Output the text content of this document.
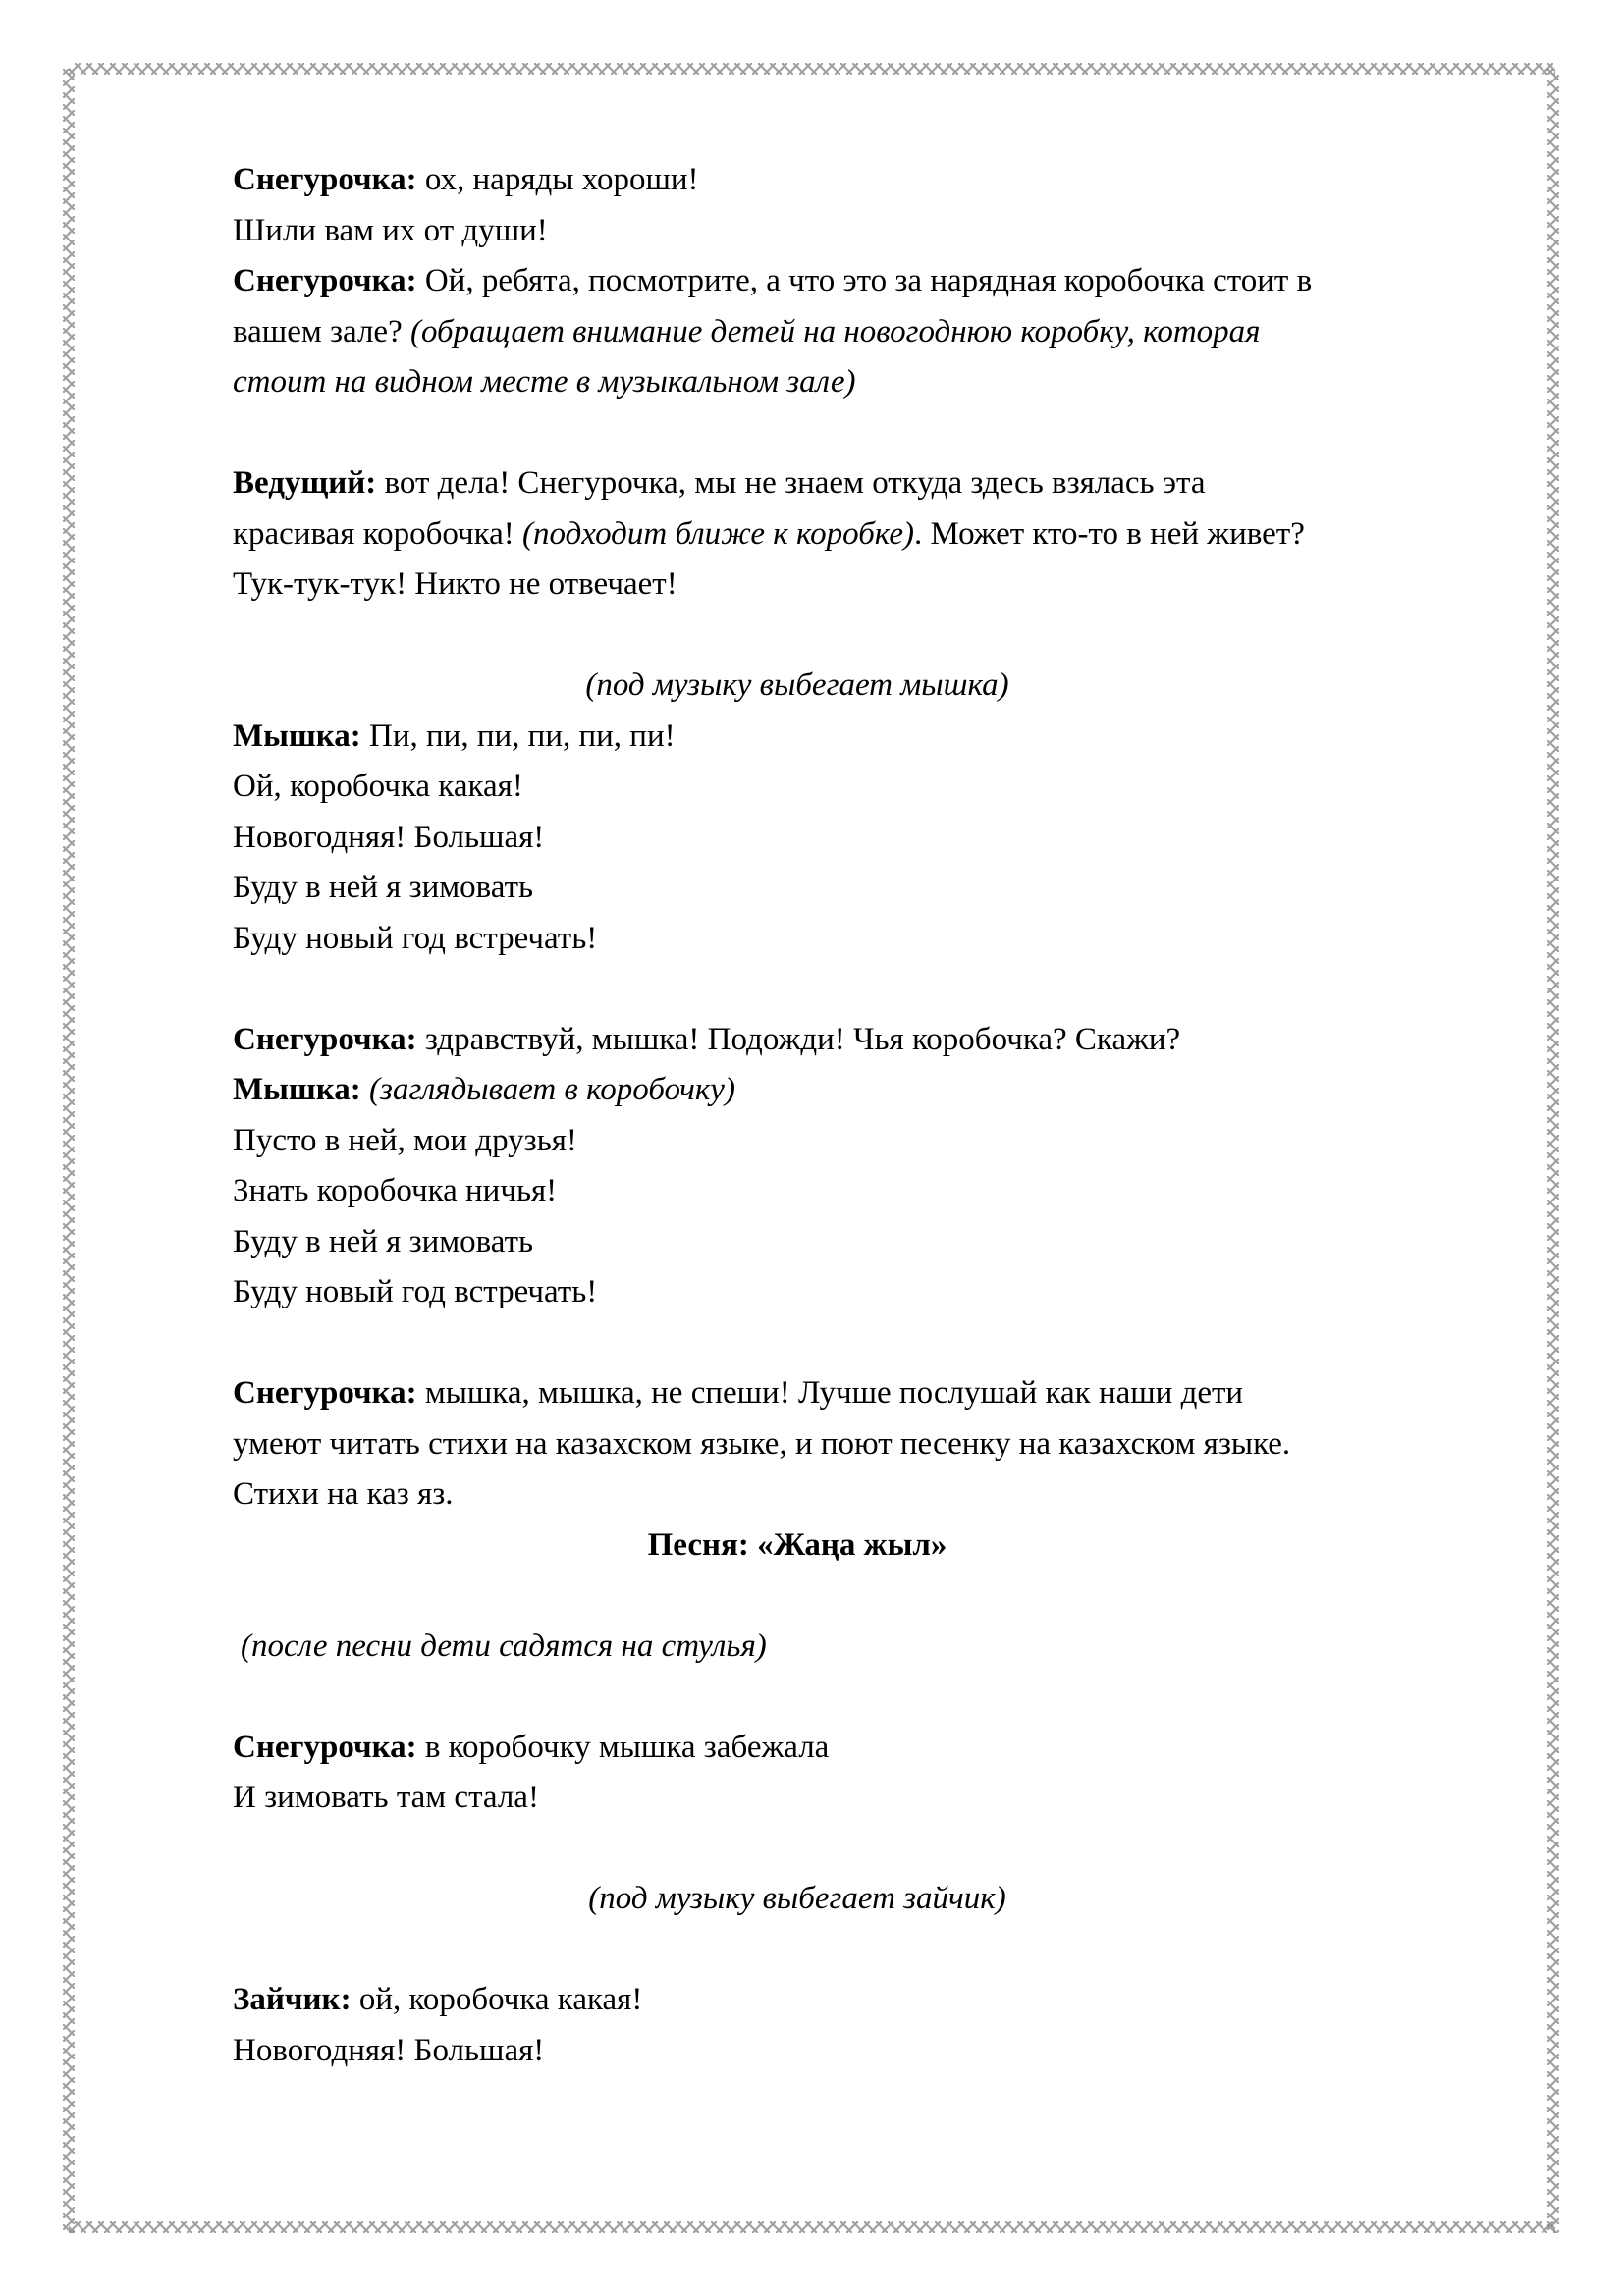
Снегурочка: ох, наряды хороши!

Шили вам их от души!

Снегурочка: Ой, ребята, посмотрите, а что это за нарядная коробочка стоит в

вашем зале? (обращает внимание детей на новогоднюю коробку, которая

стоит на видном месте в музыкальном зале)

Ведущий: вот дела! Снегурочка, мы не знаем откуда здесь взялась эта

красивая коробочка! (подходит ближе к коробке). Может кто-то в ней живет?

Тук-тук-тук! Никто не отвечает!

(под музыку выбегает мышка)

Мышка: Пи, пи, пи, пи, пи, пи!

Ой, коробочка какая!

Новогодняя! Большая!

Буду в ней я зимовать

Буду новый год встречать!

Снегурочка: здравствуй, мышка! Подожди! Чья коробочка? Скажи?

Мышка: (заглядывает в коробочку)

Пусто в ней, мои друзья!

Знать коробочка ничья!

Буду в ней я зимовать

Буду новый год встречать!

Снегурочка: мышка, мышка, не спеши! Лучше послушай как наши дети

умеют читать стихи на казахском языке, и поют песенку на казахском языке.

Стихи на каз яз.

Песня: «Жаңа жыл»

(после песни дети садятся на стулья)

Снегурочка: в коробочку мышка забежала

И зимовать там стала!

(под музыку выбегает зайчик)

Зайчик: ой, коробочка какая!

Новогодняя! Большая!
